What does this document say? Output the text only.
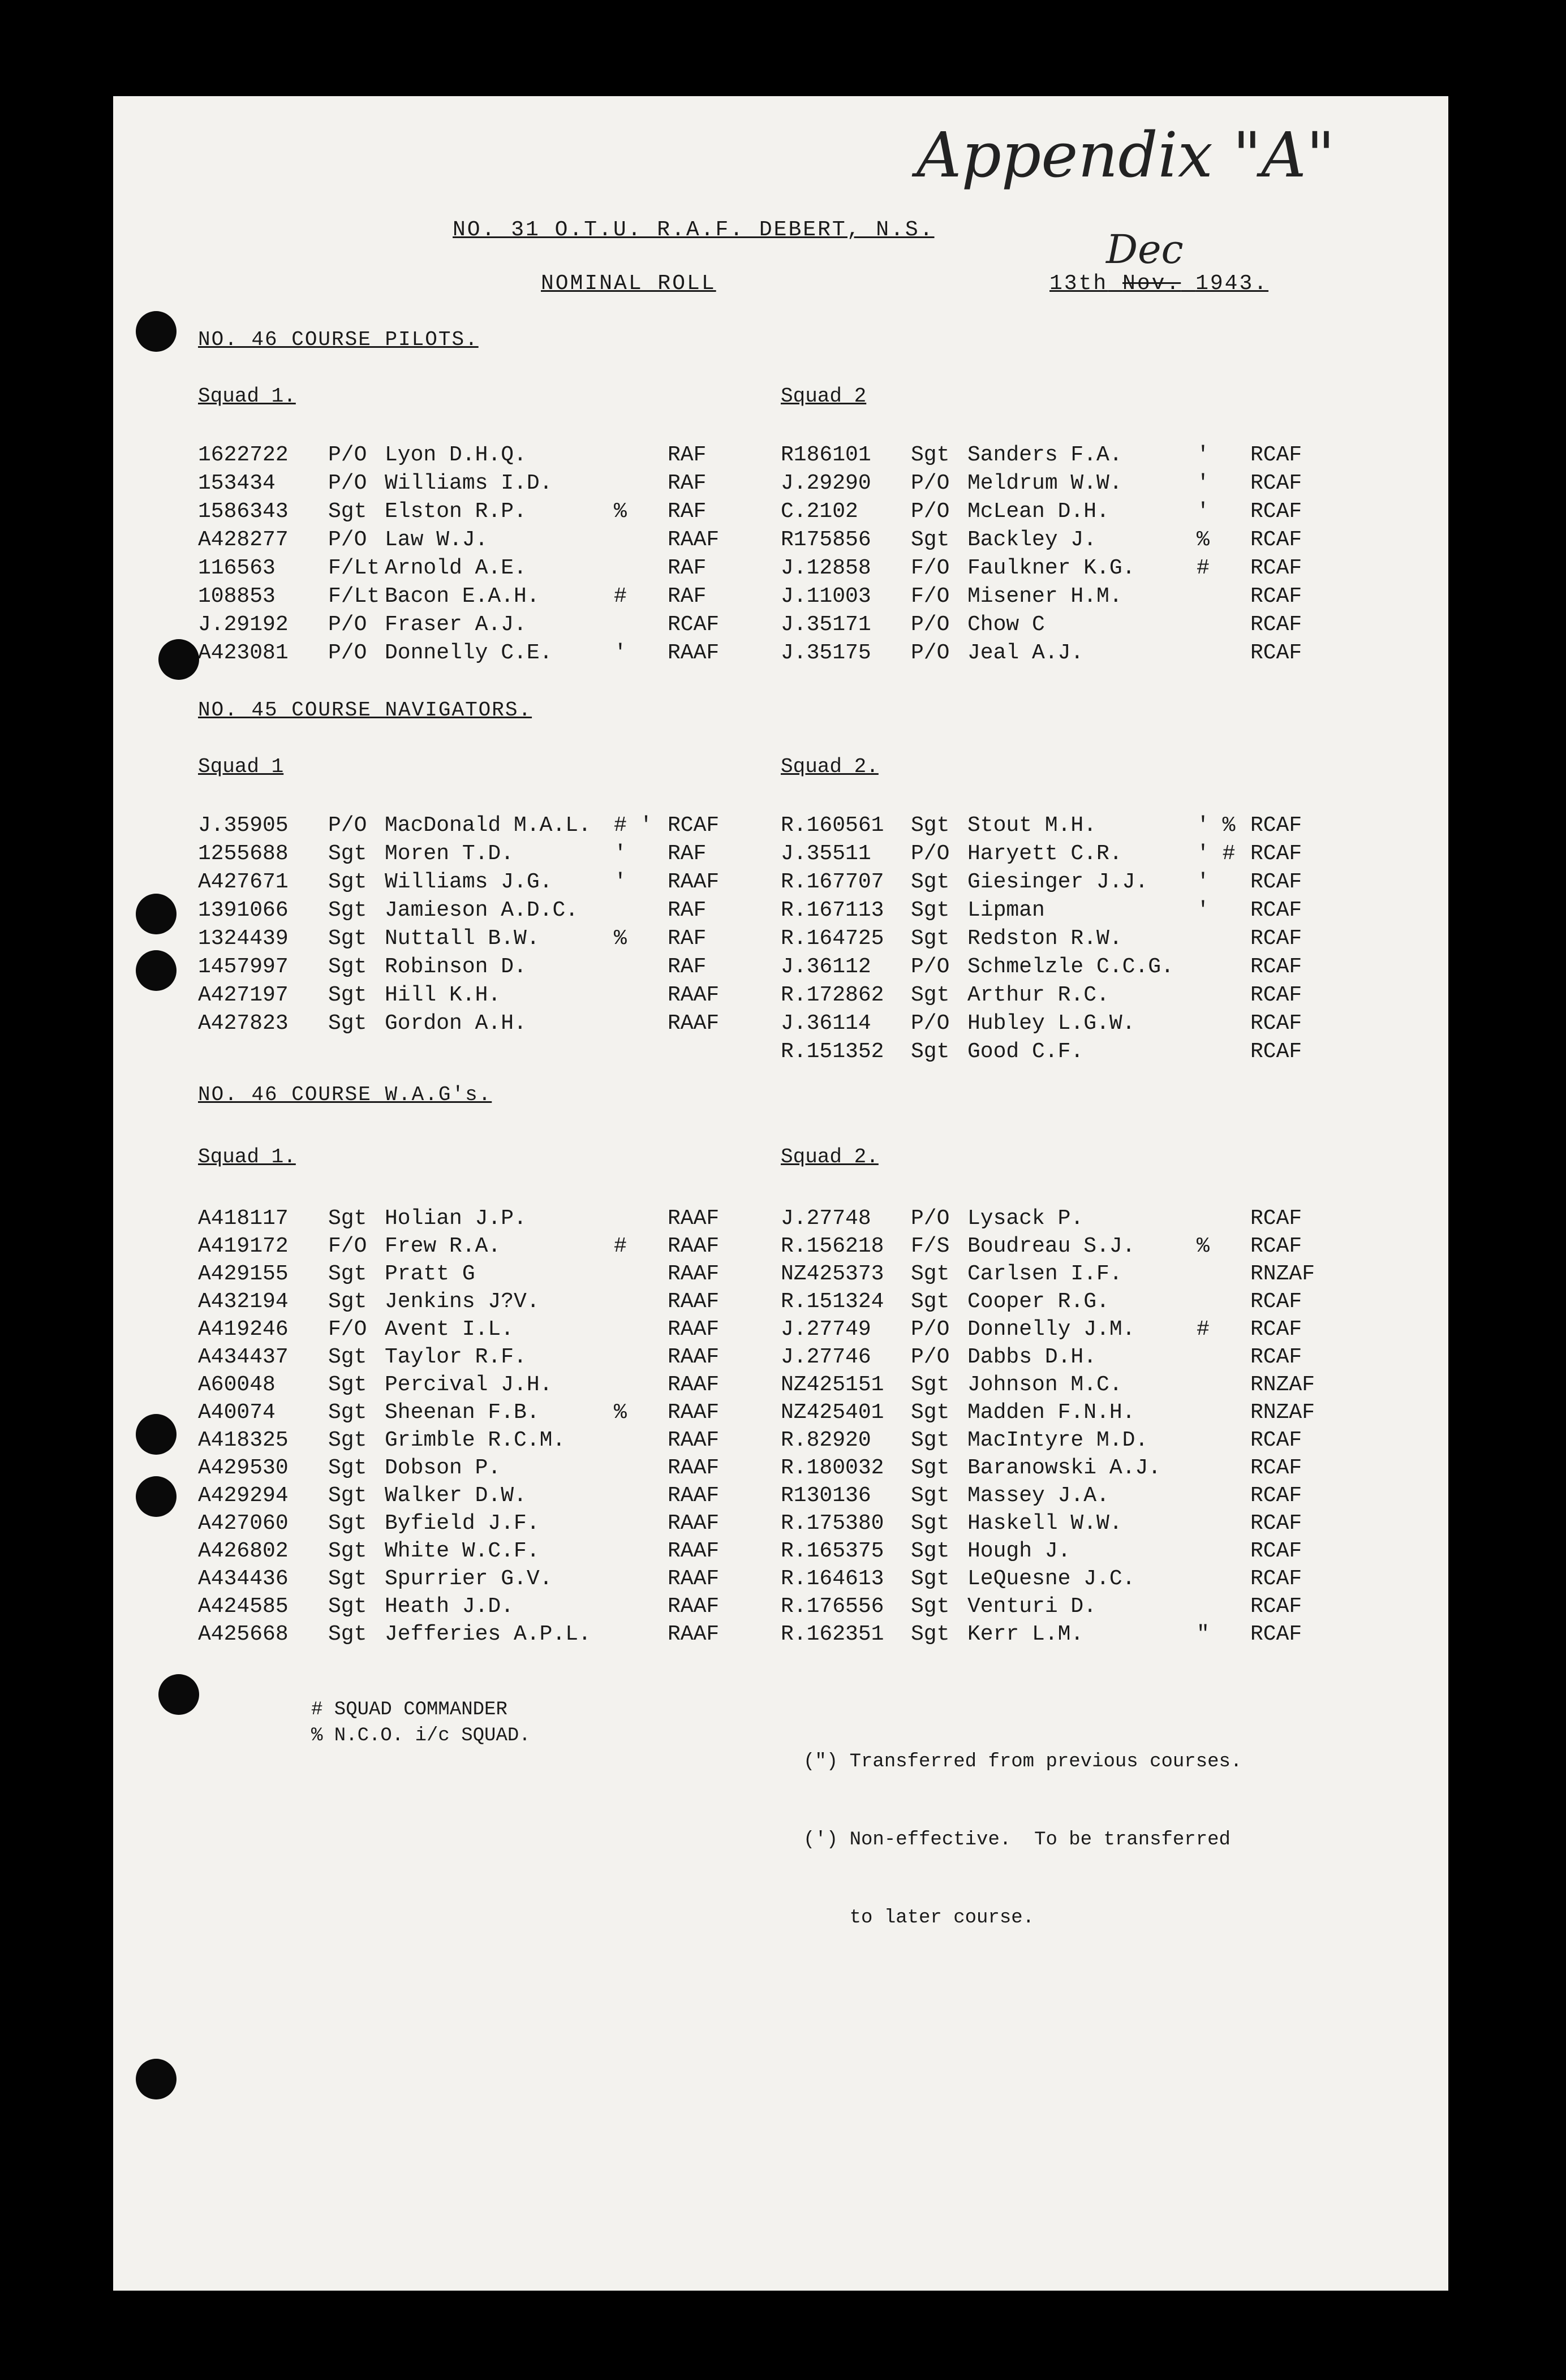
Appendix "A"
NO. 31 O.T.U. R.A.F. DEBERT, N.S.
NOMINAL ROLL
Dec
13th Nov. 1943.
NO. 46 COURSE PILOTS.
Squad 1.
1622722 P/O Lyon D.H.Q.	RAF
153434 P/O Williams I.D.	RAF
1586343 Sgt Elston R.P.	% RAF
A428277 P/O Law W.J.	RAAF
116563 F/Lt Arnold A.E.	RAF
108853 F/Lt Bacon E.A.H.	# RAF
J.29192 P/O Fraser A.J.	RCAF
A423081 P/O Donnelly C.E.	' RAAF
Squad 2
R186101 Sgt Sanders F.A.	' RCAF
J.29290 P/O Meldrum W.W.	' RCAF
C.2102 P/O McLean D.H.	' RCAF
R175856 Sgt Backley J.	% RCAF
J.12858 F/O Faulkner K.G.	# RCAF
J.11003 F/O Misener H.M.	RCAF
J.35171 P/O Chow C	RCAF
J.35175 P/O Jeal A.J.	RCAF
NO. 45 COURSE NAVIGATORS.
Squad 1
J.35905 P/O MacDonald M.A.L. # ' RCAF
1255688 Sgt Moren T.D.	' RAF
A427671 Sgt Williams J.G.	' RAAF
1391066 Sgt Jamieson A.D.C.	RAF
1324439 Sgt Nuttall B.W.	% RAF
1457997 Sgt Robinson D.	RAF
A427197 Sgt Hill K.H.	RAAF
A427823 Sgt Gordon A.H.	RAAF
Squad 2.
R.160561 Sgt Stout M.H.	' % RCAF
J.35511 P/O Haryett C.R.	' # RCAF
R.167707 Sgt Giesinger J.J. ' RCAF
R.167113 Sgt Lipman	' RCAF
R.164725 Sgt Redston R.W.	RCAF
J.36112 P/O Schmelzle C.C.G.	RCAF
R.172862 Sgt Arthur R.C.	RCAF
J.36114 P/O Hubley L.G.W.	RCAF
R.151352 Sgt Good C.F.	RCAF
NO. 46 COURSE W.A.G's.
Squad 1.
A418117 Sgt Holian J.P.	RAAF
A419172 F/O Frew R.A.	# RAAF
A429155 Sgt Pratt G	RAAF
A432194 Sgt Jenkins J?V.	RAAF
A419246 F/O Avent I.L.	RAAF
A434437 Sgt Taylor R.F.	RAAF
A60048 Sgt Percival J.H.	RAAF
A40074 Sgt Sheenan F.B.	% RAAF
A418325 Sgt Grimble R.C.M.	RAAF
A429530 Sgt Dobson P.	RAAF
A429294 Sgt Walker D.W.	RAAF
A427060 Sgt Byfield J.F.	RAAF
A426802 Sgt White W.C.F.	RAAF
A434436 Sgt Spurrier G.V.	RAAF
A424585 Sgt Heath J.D.	RAAF
A425668 Sgt Jefferies A.P.L.	RAAF
Squad 2.
J.27748 P/O Lysack P.	RCAF
R.156218 F/S Boudreau S.J.	% RCAF
NZ425373 Sgt Carlsen I.F.	RNZAF
R.151324 Sgt Cooper R.G.	RCAF
J.27749 P/O Donnelly J.M.	# RCAF
J.27746 P/O Dabbs D.H.	RCAF
NZ425151 Sgt Johnson M.C.	RNZAF
NZ425401 Sgt Madden F.N.H.	RNZAF
R.82920 Sgt MacIntyre M.D.	RCAF
R.180032 Sgt Baranowski A.J.	RCAF
R130136 Sgt Massey J.A.	RCAF
R.175380 Sgt Haskell W.W.	RCAF
R.165375 Sgt Hough J.	RCAF
R.164613 Sgt LeQuesne J.C.	RCAF
R.176556 Sgt Venturi D.	RCAF
R.162351 Sgt Kerr L.M.	" RCAF
# SQUAD COMMANDER
% N.C.O. i/c SQUAD.

(") Transferred from previous courses.

(') Non-effective.  To be transferred

to later course.
